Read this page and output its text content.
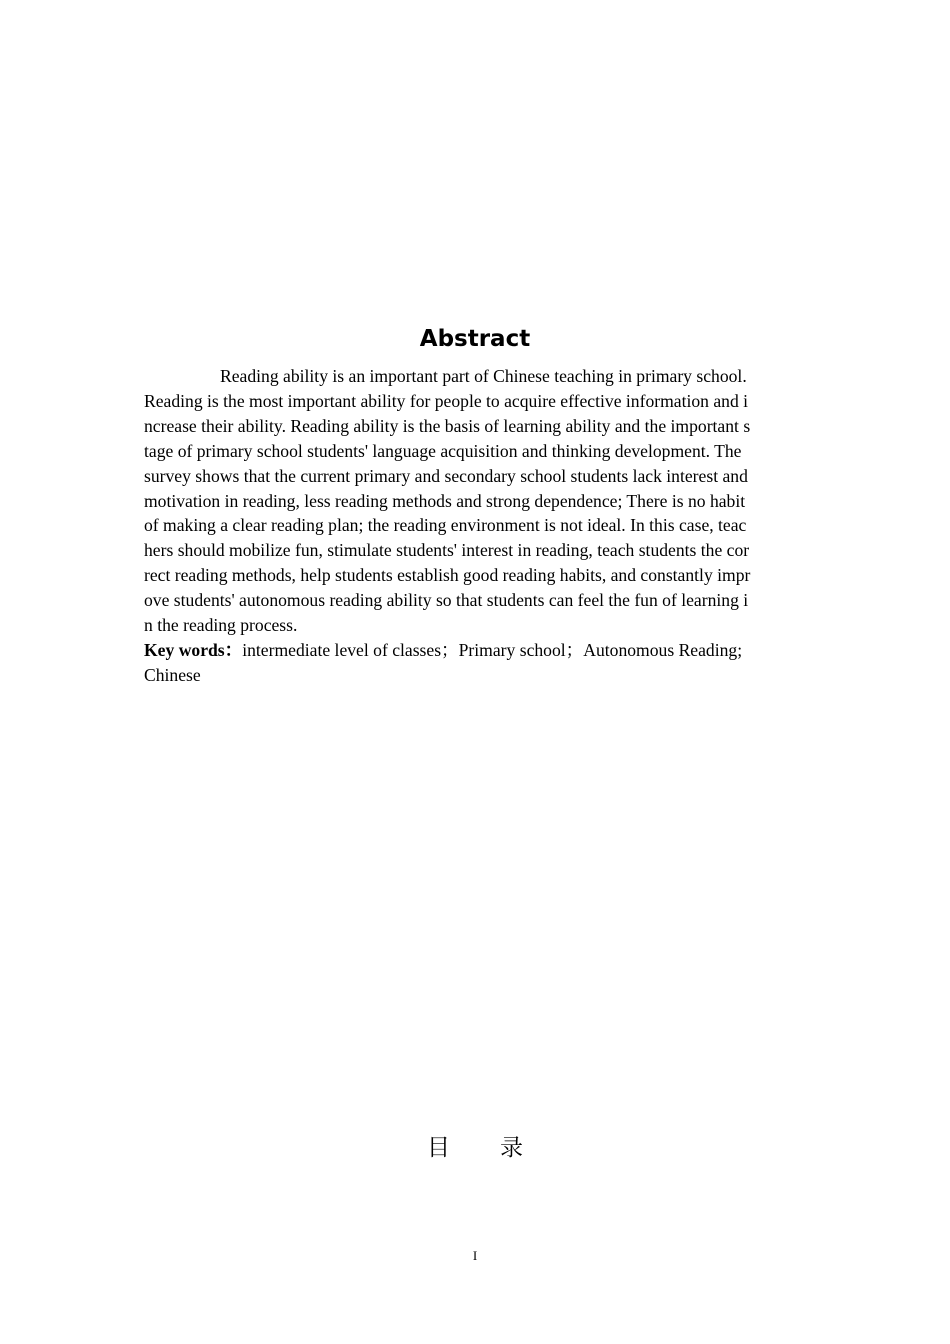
Abstract
Reading ability is an important part of Chinese teaching in primary school.
Reading is the most important ability for people to acquire effective information and i
ncrease their ability. Reading ability is the basis of learning ability and the important s
tage of primary school students' language acquisition and thinking development. The
survey shows that the current primary and secondary school students lack interest and
motivation in reading, less reading methods and strong dependence; There is no habit
of making a clear reading plan; the reading environment is not ideal. In this case, teac
hers should mobilize fun, stimulate students' interest in reading, teach students the cor
rect reading methods, help students establish good reading habits, and constantly impr
ove students' autonomous reading ability so that students can feel the fun of learning i
n the reading process.
Key words：intermediate level of classes；Primary school；Autonomous Reading;
Chinese
目 录
I
